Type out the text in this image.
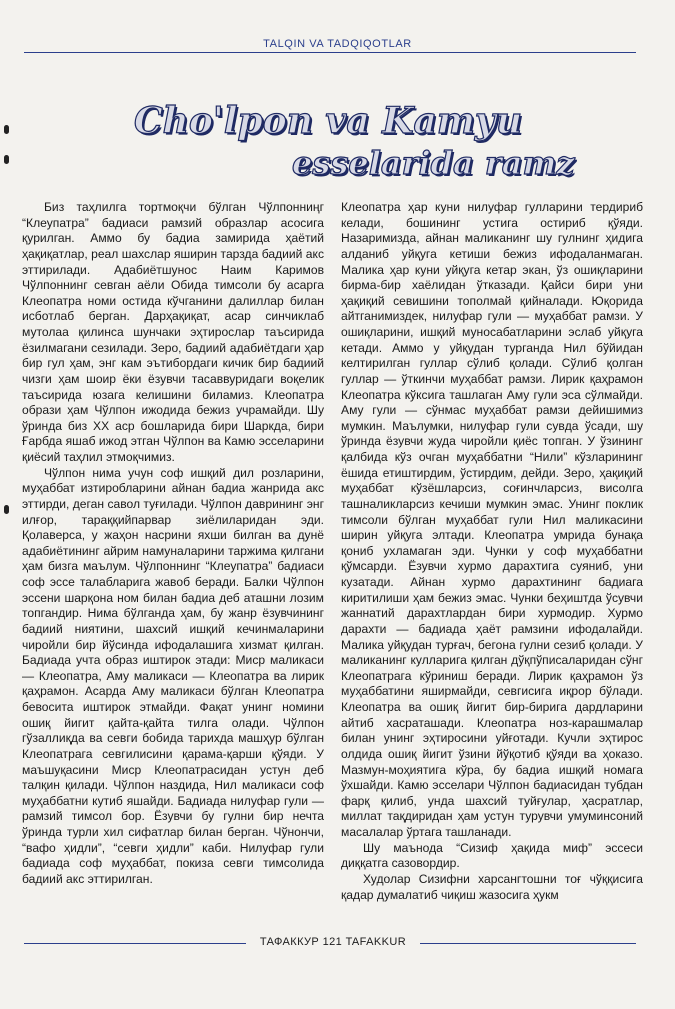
TALQIN VA TADQIQOTLAR
Cho'lpon va Kamyu
esselarida ramz

Биз таҳлилга тортмоқчи бўлган Чўлпонниңг “Клеупатра” бадиаси рамзий образлар асосига қурилган. Аммо бу бадиа замирида ҳаётий ҳақиқатлар, реал шахслар яширин тарзда бадиий акс эттирилади. Адабиётшунос Наим Каримов Чўлпоннинг севган аёли Обида тимсоли бу асарга Клеопатра номи остида кўчганини далиллар билан исботлаб берган. Дарҳақиқат, асар синчиклаб мутолаа қилинса шунчаки эҳтирослар таъсирида ёзилмагани сезилади. Зеро, бадиий адабиётдаги ҳар бир гул ҳам, энг кам эътибордаги кичик бир бадиий чизги ҳам шоир ёки ёзувчи тасаввуридаги воқелик таъсирида юзага келишини биламиз. Клеопатра образи ҳам Чўлпон ижодида бежиз учрамайди. Шу ўринда биз XX аср бошларида бири Шаркда, бири Ғарбда яшаб ижод этган Чўлпон ва Камю эсселарини қиёсий таҳлил этмоқчимиз.

Чўлпон нима учун соф ишқий дил розларини, муҳаббат изтиробларини айнан бадиа жанрида акс эттирди, деган савол туғилади. Чўлпон даврининг энг илғор, тараққийпарвар зиёлиларидан эди. Қолаверса, у жаҳон насрини яхши билган ва дунё адабиётининг айрим намуналарини таржима қилгани ҳам бизга маълум. Чўлпоннинг “Клеупатра” бадиаси соф эссе талабларига жавоб беради. Балки Чўлпон эссени шарқона ном билан бадиа деб аташни лозим топгандир. Нима бўлганда ҳам, бу жанр ёзувчининг бадиий ниятини, шахсий ишқий кечинмаларини чиройли бир йўсинда ифодалашига хизмат қилган. Бадиада учта образ иштирок этади: Миср маликаси — Клеопатра, Аму маликаси — Клеопатра ва лирик қаҳрамон. Асарда Аму маликаси бўлган Клеопатра бевосита иштирок этмайди. Фақат унинг номини ошиқ йигит қайта-қайта тилга олади. Чўлпон гўзаллиқда ва севги бобида тарихда машҳур бўлган Клеопатрага севгилисини қарама-қарши қўяди. У маъшуқасини Миср Клеопатрасидан устун деб талқин қилади. Чўлпон наздида, Нил маликаси соф муҳаббатни кутиб яшайди. Бадиада нилуфар гули — рамзий тимсол бор. Ёзувчи бу гулни бир нечта ўринда турли хил сифатлар билан берган. Чўнончи, “вафо ҳидли”, “севги ҳидли” каби. Нилуфар гули бадиада соф муҳаббат, покиза севги тимсолида бадиий акс эттирилган.

Клеопатра ҳар куни нилуфар гулларини тердириб келади, бошининг устига остириб қўяди. Назаримизда, айнан маликанинг шу гулнинг ҳидига алданиб уйқуга кетиши бежиз ифодаланмаган. Малика ҳар куни уйқуга кетар экан, ўз ошиқларини бирма-бир хаёлидан ўтказади. Қайси бири уни ҳақиқий севишини тополмай қийналади. Юқорида айтганимиздек, нилуфар гули — муҳаббат рамзи. У ошиқларини, ишқий муносабатларини эслаб уйқуга кетади. Аммо у уйқудан турганда Нил бўйидан келтирилган гуллар сўлиб қолади. Сўлиб қолган гуллар — ўткинчи муҳаббат рамзи. Лирик қаҳрамон Клеопатра кўксига ташлаган Аму гули эса сўлмайди. Аму гули — сўнмас муҳаббат рамзи дейишимиз мумкин. Маълумки, нилуфар гули сувда ўсади, шу ўринда ёзувчи жуда чиройли қиёс топган. У ўзининг қалбида кўз очган муҳаббатни “Нили” кўзларининг ёшида етиштирдим, ўстирдим, дейди. Зеро, ҳақиқий муҳаббат кўзёшларсиз, соғинчларсиз, висолга ташналикларсиз кечиши мумкин эмас. Унинг поклик тимсоли бўлган муҳаббат гули Нил маликасини ширин уйқуга элтади. Клеопатра умрида бунақа қониб ухламаган эди. Чунки у соф муҳаббатни қўмсарди. Ёзувчи хурмо дарахтига суяниб, уни кузатади. Айнан хурмо дарахтининг бадиага киритилиши ҳам бежиз эмас. Чунки беҳиштда ўсувчи жаннатий дарахтлардан бири хурмодир. Хурмо дарахти — бадиада ҳаёт рамзини ифодалайди. Малика уйқудан турғач, бегона гулни сезиб қолади. У маликанинг кулларига қилган дўқпўписаларидан сўнг Клеопатрага кўриниш беради. Лирик қаҳрамон ўз муҳаббатини яширмайди, севгисига иқрор бўлади. Клеопатра ва ошиқ йигит бир-бирига дардларини айтиб хасраташади. Клеопатра ноз-карашмалар билан унинг эҳтиросини уйғотади. Кучли эҳтирос олдида ошиқ йигит ўзини йўқотиб қўяди ва ҳоказо. Мазмун-моҳиятига кўра, бу бадиа ишқий номага ўхшайди. Камю эсселари Чўлпон бадиасидан тубдан фарқ қилиб, унда шахсий туйғулар, ҳасратлар, миллат тақдиридан ҳам устун турувчи умуминсоний масалалар ўртага ташланади.

Шу маънода “Сизиф ҳақида миф” эссеси диққатга сазовордир.

Худолар Сизифни харсангтошни тоғ чўққисига қадар думалатиб чиқиш жазосига ҳукм

ТАФАККУР 121 TAFAKKUR
